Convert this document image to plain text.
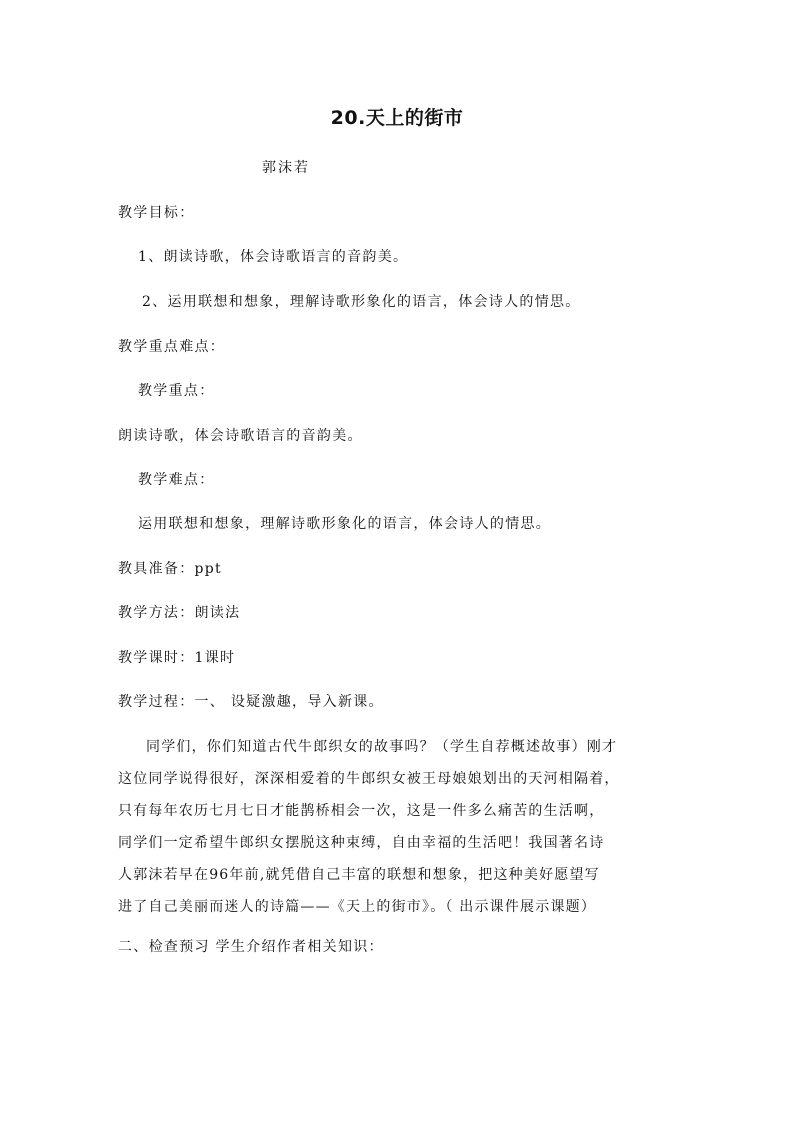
20.天上的街市
郭沫若
教学目标：
1、朗读诗歌，体会诗歌语言的音韵美。
2、运用联想和想象，理解诗歌形象化的语言，体会诗人的情思。
教学重点难点：
教学重点：
朗读诗歌，体会诗歌语言的音韵美。
教学难点：
运用联想和想象，理解诗歌形象化的语言，体会诗人的情思。
教具准备：ppt
教学方法：朗读法
教学课时：1课时
教学过程：一、 设疑激趣，导入新课。
同学们，你们知道古代牛郎织女的故事吗？（学生自荐概述故事）刚才
这位同学说得很好，深深相爱着的牛郎织女被王母娘娘划出的天河相隔着，
只有每年农历七月七日才能鹊桥相会一次，这是一件多么痛苦的生活啊，
同学们一定希望牛郎织女摆脱这种束缚，自由幸福的生活吧！我国著名诗
人郭沫若早在96年前,就凭借自己丰富的联想和想象，把这种美好愿望写
进了自己美丽而迷人的诗篇——《天上的街市》。（ 出示课件展示课题）
二、检查预习 学生介绍作者相关知识：
